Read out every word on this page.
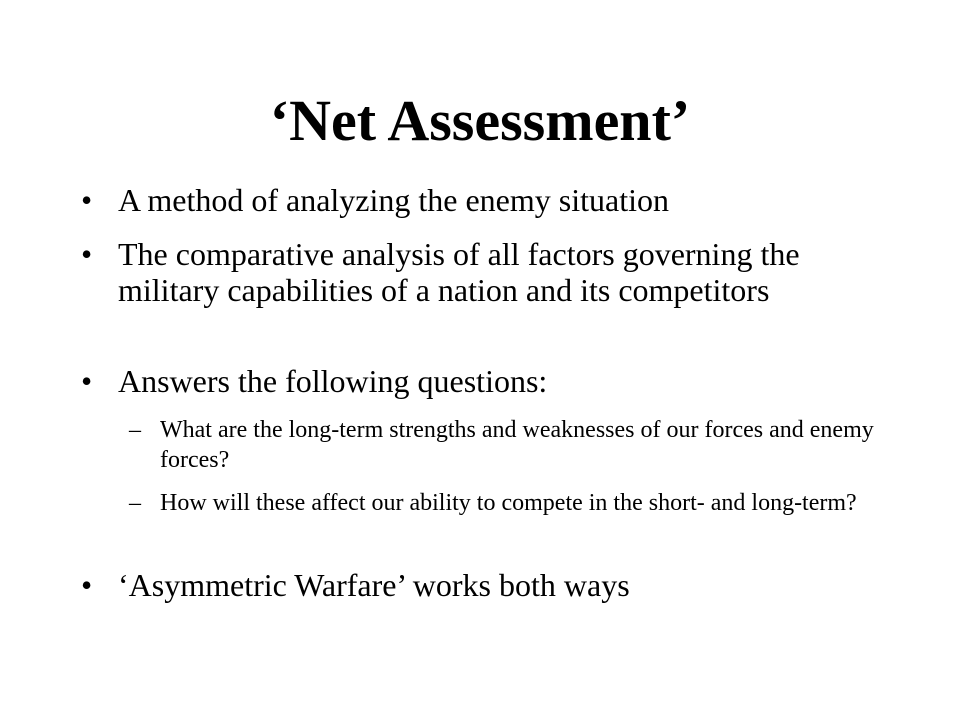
‘Net Assessment’
• A method of analyzing the enemy situation
• The comparative analysis of all factors governing the military capabilities of a nation and its competitors
• Answers the following questions:
– What are the long-term strengths and weaknesses of our forces and enemy forces?
– How will these affect our ability to compete in the short- and long-term?
• ‘Asymmetric Warfare’ works both ways
